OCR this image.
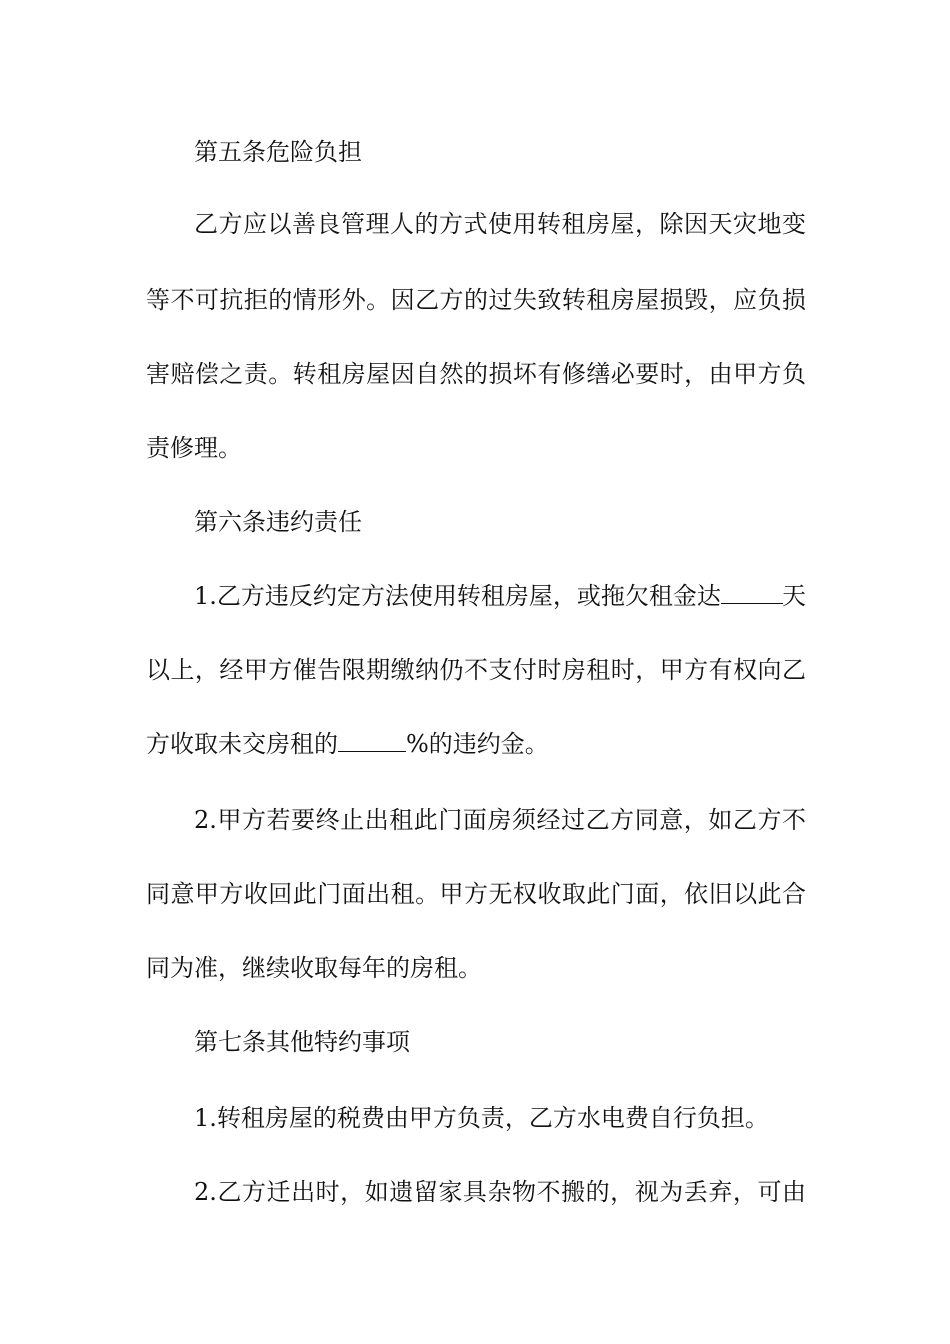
第五条危险负担
乙方应以善良管理人的方式使用转租房屋，除因天灾地变
等不可抗拒的情形外。因乙方的过失致转租房屋损毁，应负损
害赔偿之责。转租房屋因自然的损坏有修缮必要时，由甲方负
责修理。
第六条违约责任
1.乙方违反约定方法使用转租房屋，或拖欠租金达	天
以上，经甲方催告限期缴纳仍不支付时房租时，甲方有权向乙
方收取未交房租的	%的违约金。
2.甲方若要终止出租此门面房须经过乙方同意，如乙方不
同意甲方收回此门面出租。甲方无权收取此门面，依旧以此合
同为准，继续收取每年的房租。
第七条其他特约事项
1.转租房屋的税费由甲方负责，乙方水电费自行负担。
2.乙方迁出时，如遗留家具杂物不搬的，视为丢弃，可由
